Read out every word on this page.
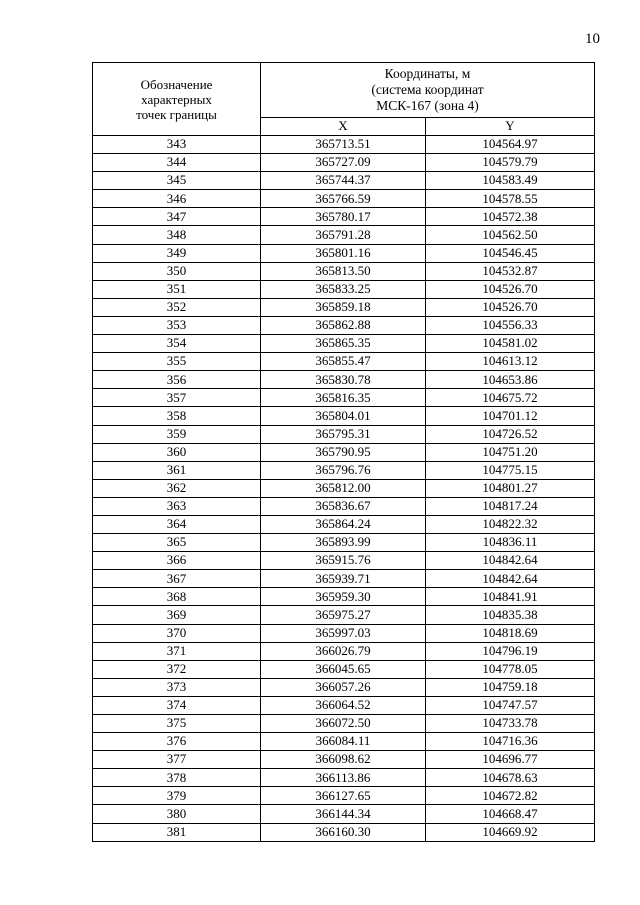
10
Обозначение
характерных
точек границы	Координаты, м
(система координат
МСК-167 (зона 4)	

	X	Y
343	365713.51	104564.97
344	365727.09	104579.79
345	365744.37	104583.49
346	365766.59	104578.55
347	365780.17	104572.38
348	365791.28	104562.50
349	365801.16	104546.45
350	365813.50	104532.87
351	365833.25	104526.70
352	365859.18	104526.70
353	365862.88	104556.33
354	365865.35	104581.02
355	365855.47	104613.12
356	365830.78	104653.86
357	365816.35	104675.72
358	365804.01	104701.12
359	365795.31	104726.52
360	365790.95	104751.20
361	365796.76	104775.15
362	365812.00	104801.27
363	365836.67	104817.24
364	365864.24	104822.32
365	365893.99	104836.11
366	365915.76	104842.64
367	365939.71	104842.64
368	365959.30	104841.91
369	365975.27	104835.38
370	365997.03	104818.69
371	366026.79	104796.19
372	366045.65	104778.05
373	366057.26	104759.18
374	366064.52	104747.57
375	366072.50	104733.78
376	366084.11	104716.36
377	366098.62	104696.77
378	366113.86	104678.63
379	366127.65	104672.82
380	366144.34	104668.47
381	366160.30	104669.92
